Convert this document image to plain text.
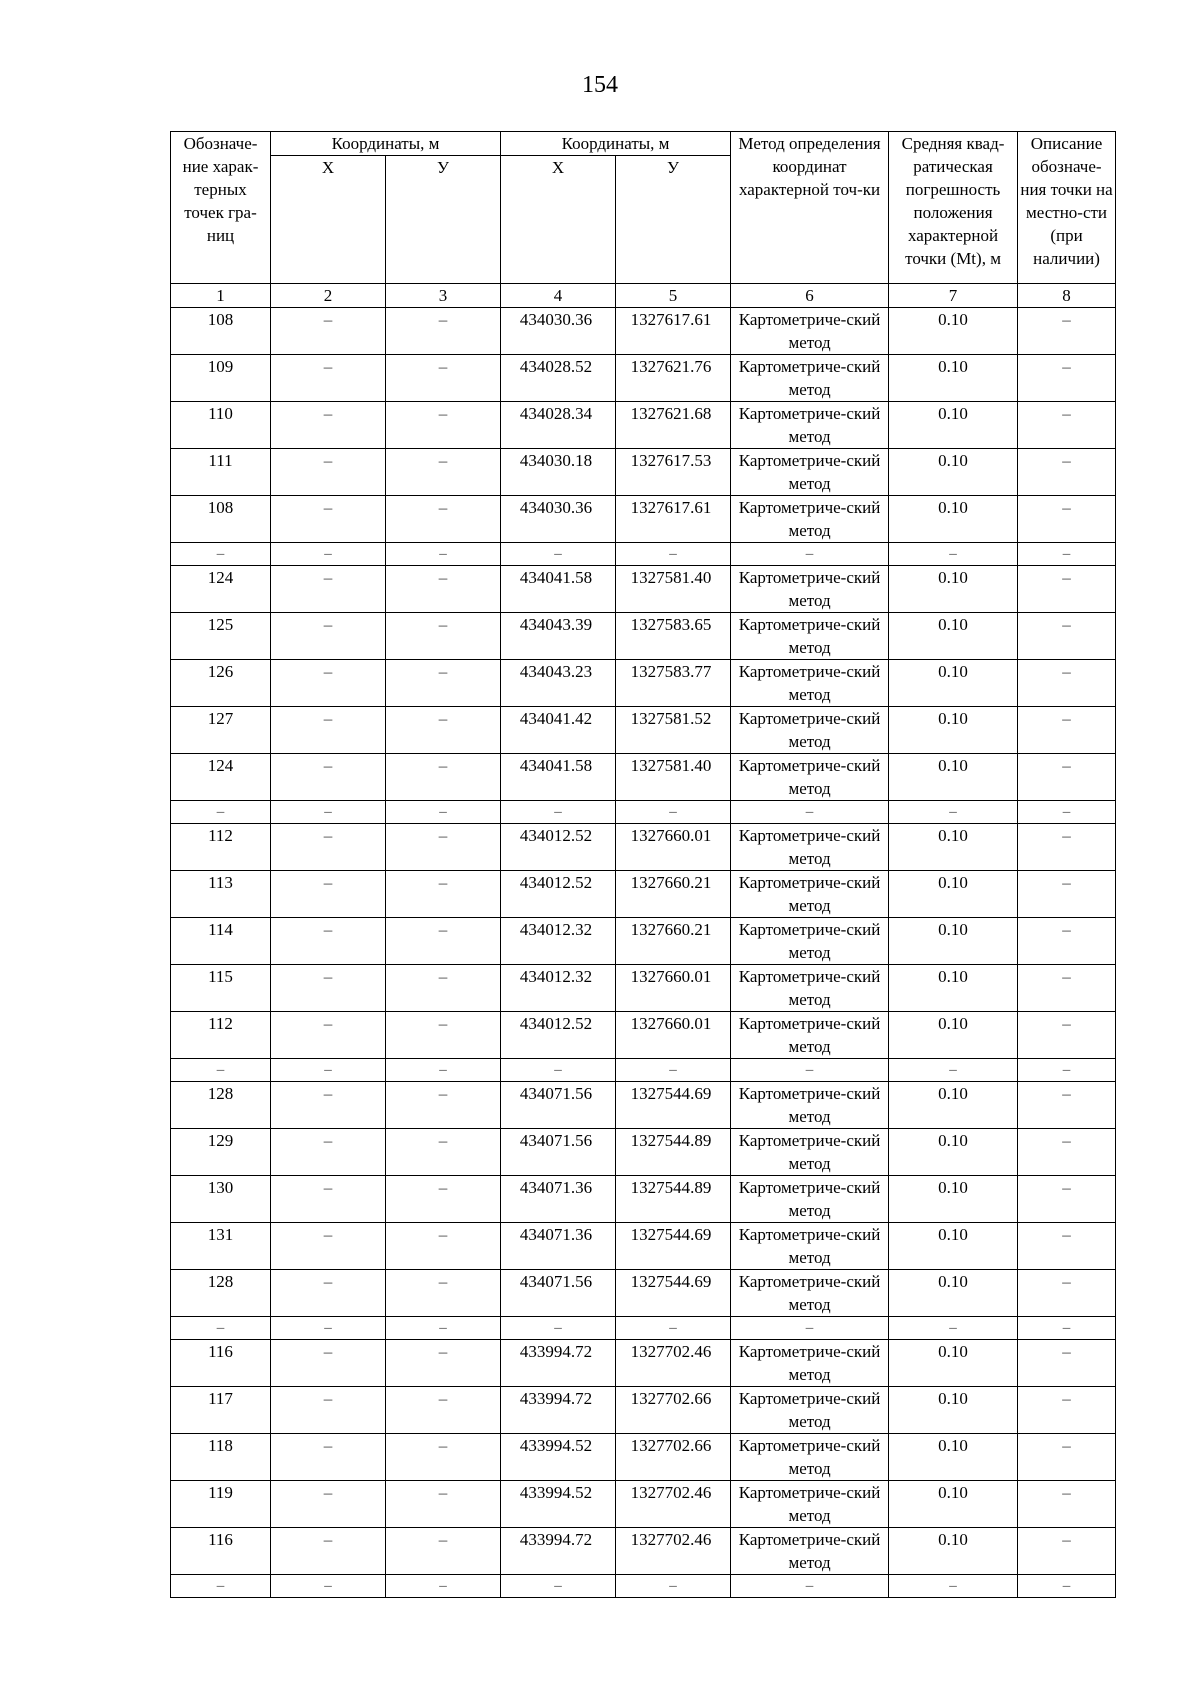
154
Обозначе-ние харак-терных точек гра-ниц	Координаты, м		Координаты, м		Метод определения координат характерной точ-ки	Средняя квад-ратическая погрешность положения характерной точки (Mt), м	Описание обозначе-ния точки на местно-сти (при наличии)
	Х	У	Х	У			
1	2	3	4	5	6	7	8
108	–	–	434030.36	1327617.61	Картометриче-ский метод	0.10	–
109	–	–	434028.52	1327621.76	Картометриче-ский метод	0.10	–
110	–	–	434028.34	1327621.68	Картометриче-ский метод	0.10	–
111	–	–	434030.18	1327617.53	Картометриче-ский метод	0.10	–
108	–	–	434030.36	1327617.61	Картометриче-ский метод	0.10	–
–	–	–	–	–	–	–	–
124	–	–	434041.58	1327581.40	Картометриче-ский метод	0.10	–
125	–	–	434043.39	1327583.65	Картометриче-ский метод	0.10	–
126	–	–	434043.23	1327583.77	Картометриче-ский метод	0.10	–
127	–	–	434041.42	1327581.52	Картометриче-ский метод	0.10	–
124	–	–	434041.58	1327581.40	Картометриче-ский метод	0.10	–
–	–	–	–	–	–	–	–
112	–	–	434012.52	1327660.01	Картометриче-ский метод	0.10	–
113	–	–	434012.52	1327660.21	Картометриче-ский метод	0.10	–
114	–	–	434012.32	1327660.21	Картометриче-ский метод	0.10	–
115	–	–	434012.32	1327660.01	Картометриче-ский метод	0.10	–
112	–	–	434012.52	1327660.01	Картометриче-ский метод	0.10	–
–	–	–	–	–	–	–	–
128	–	–	434071.56	1327544.69	Картометриче-ский метод	0.10	–
129	–	–	434071.56	1327544.89	Картометриче-ский метод	0.10	–
130	–	–	434071.36	1327544.89	Картометриче-ский метод	0.10	–
131	–	–	434071.36	1327544.69	Картометриче-ский метод	0.10	–
128	–	–	434071.56	1327544.69	Картометриче-ский метод	0.10	–
–	–	–	–	–	–	–	–
116	–	–	433994.72	1327702.46	Картометриче-ский метод	0.10	–
117	–	–	433994.72	1327702.66	Картометриче-ский метод	0.10	–
118	–	–	433994.52	1327702.66	Картометриче-ский метод	0.10	–
119	–	–	433994.52	1327702.46	Картометриче-ский метод	0.10	–
116	–	–	433994.72	1327702.46	Картометриче-ский метод	0.10	–
–	–	–	–	–	–	–	–
